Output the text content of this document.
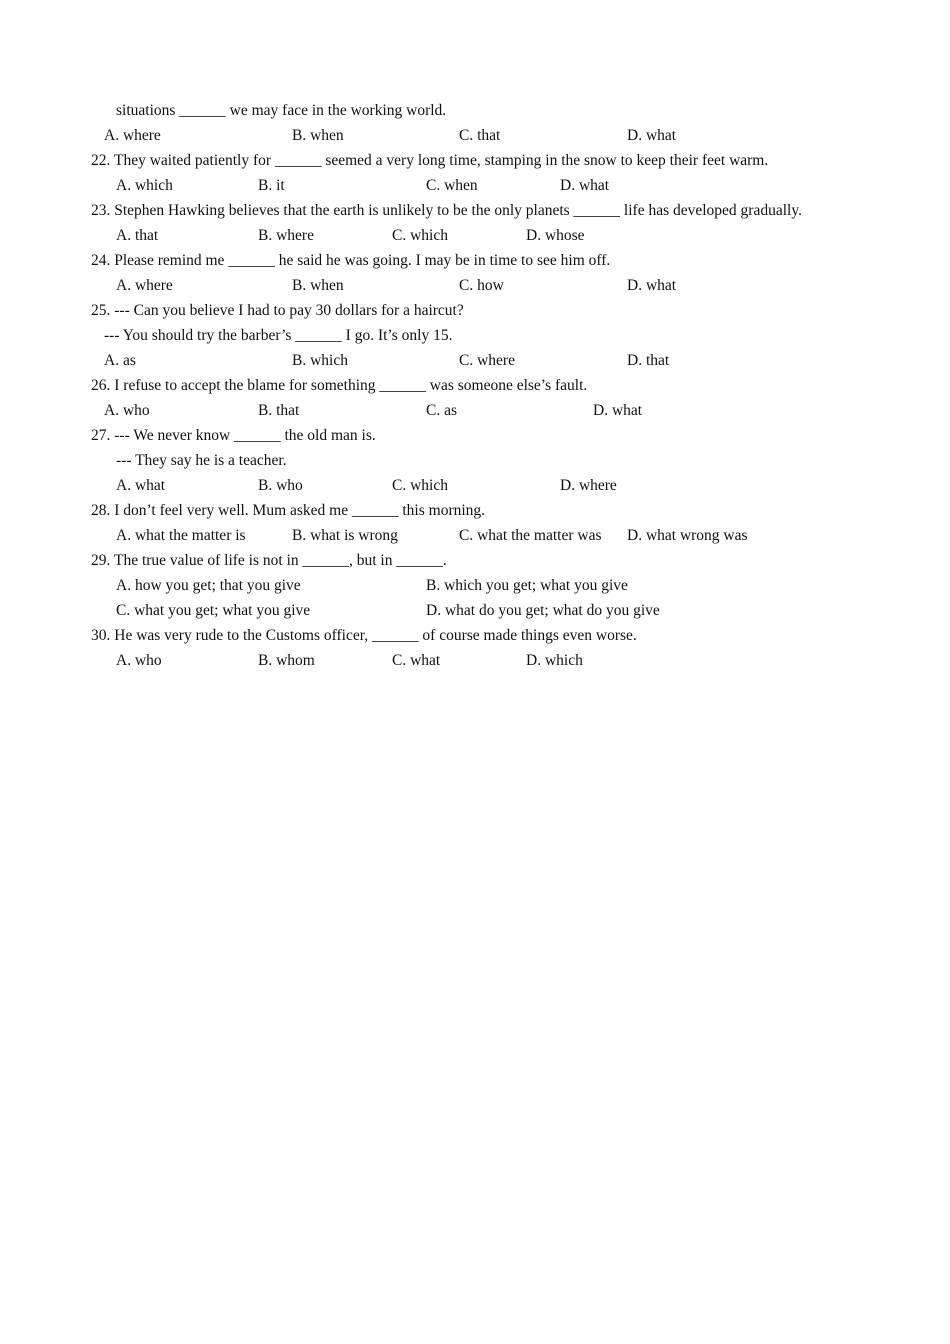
situations ______ we may face in the working world.
A. where	B. when	C. that	D. what
22. They waited patiently for ______ seemed a very long time, stamping in the snow to keep their feet warm.
A. which	B. it	C. when	D. what
23. Stephen Hawking believes that the earth is unlikely to be the only planets ______ life has developed gradually.
A. that	B. where	C. which	D. whose
24. Please remind me ______ he said he was going. I may be in time to see him off.
A. where	B. when	C. how	D. what
25. --- Can you believe I had to pay 30 dollars for a haircut?
--- You should try the barber’s ______ I go. It’s only 15.
A. as	B. which	C. where	D. that
26. I refuse to accept the blame for something ______ was someone else’s fault.
A. who	B. that	C. as	D. what
27. --- We never know ______ the old man is.
--- They say he is a teacher.
A. what	B. who	C. which	D. where
28. I don’t feel very well. Mum asked me ______ this morning.
A. what the matter is	B. what is wrong	C. what the matter was D. what wrong was
29. The true value of life is not in ______, but in ______.
A. how you get; that you give	B. which you get; what you give
C. what you get; what you give	D. what do you get; what do you give
30. He was very rude to the Customs officer, ______ of course made things even worse.
A. who	B. whom	C. what	D. which
